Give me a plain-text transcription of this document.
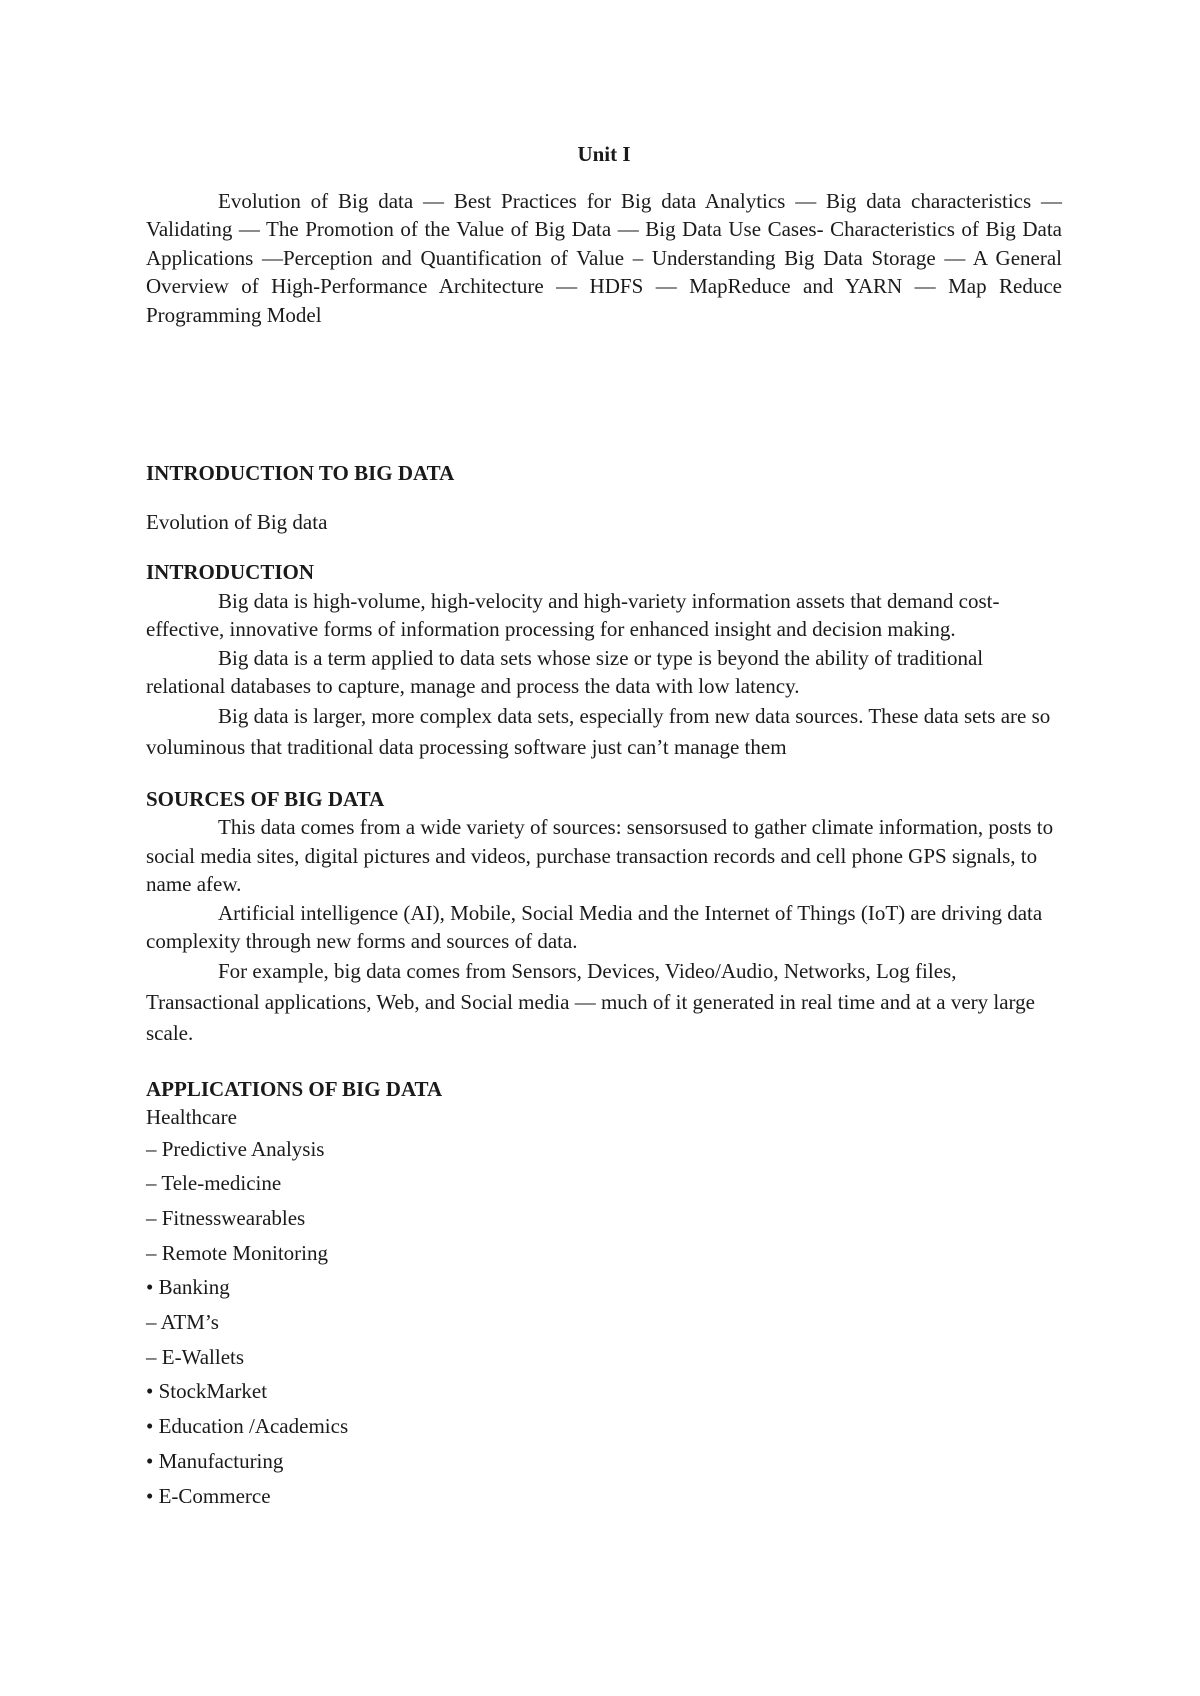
Unit I

Evolution of Big data — Best Practices for Big data Analytics — Big data characteristics —Validating — The Promotion of the Value of Big Data — Big Data Use Cases- Characteristics of Big Data Applications —Perception and Quantification of Value – Understanding Big Data Storage — A General Overview of High-Performance Architecture — HDFS — MapReduce and YARN — Map Reduce Programming Model

INTRODUCTION TO BIG DATA

Evolution of Big data

INTRODUCTION

Big data is high-volume, high-velocity and high-variety information assets that demand cost- effective, innovative forms of information processing for enhanced insight and decision making.

Big data is a term applied to data sets whose size or type is beyond the ability of traditional relational databases to capture, manage and process the data with low latency.

Big data is larger, more complex data sets, especially from new data sources. These data sets are so voluminous that traditional data processing software just can’t manage them

SOURCES OF BIG DATA

This data comes from a wide variety of sources: sensorsused to gather climate information, posts to social media sites, digital pictures and videos, purchase transaction records and cell phone GPS signals, to name afew.

Artificial intelligence (AI), Mobile, Social Media and the Internet of Things (IoT) are driving data complexity through new forms and sources of data.

For example, big data comes from Sensors, Devices, Video/Audio, Networks, Log files, Transactional applications, Web, and Social media — much of it generated in real time and at a very large scale.

APPLICATIONS OF BIG DATA

Healthcare

– Predictive Analysis
– Tele-medicine
– Fitnesswearables
– Remote Monitoring
• Banking
– ATM’s
– E-Wallets
• StockMarket
• Education /Academics
• Manufacturing
• E-Commerce
